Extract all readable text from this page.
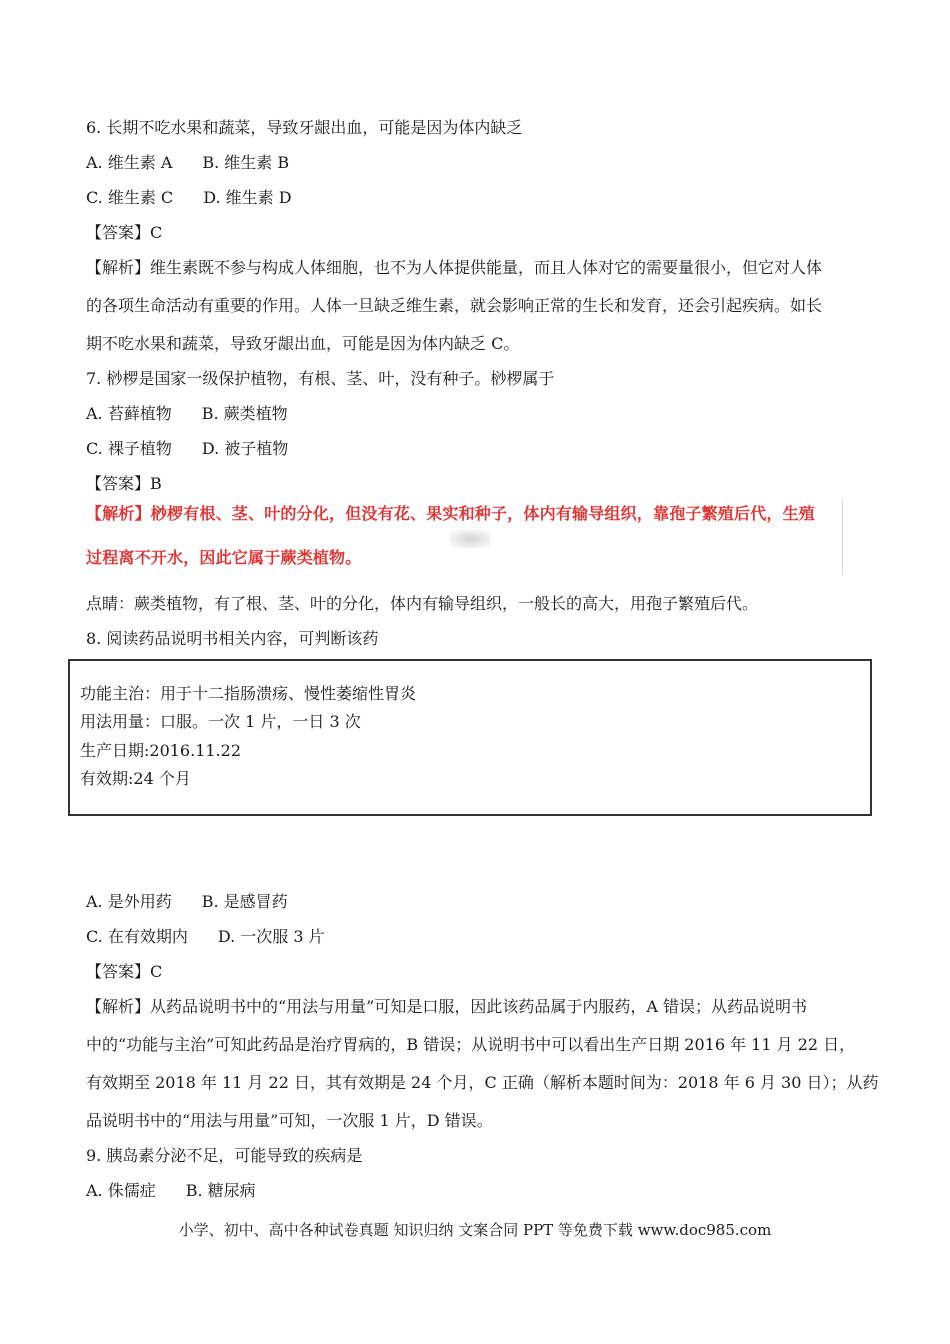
6. 长期不吃水果和蔬菜，导致牙龈出血，可能是因为体内缺乏
A. 维生素 A B. 维生素 B
C. 维生素 C D. 维生素 D
【答案】C
【解析】维生素既不参与构成人体细胞，也不为人体提供能量，而且人体对它的需要量很小，但它对人体
的各项生命活动有重要的作用。人体一旦缺乏维生素，就会影响正常的生长和发育，还会引起疾病。如长
期不吃水果和蔬菜，导致牙龈出血，可能是因为体内缺乏 C。
7. 桫椤是国家一级保护植物，有根、茎、叶，没有种子。桫椤属于
A. 苔藓植物 B. 蕨类植物
C. 裸子植物 D. 被子植物
【答案】B
【解析】桫椤有根、茎、叶的分化，但没有花、果实和种子，体内有输导组织，靠孢子繁殖后代，生殖
过程离不开水，因此它属于蕨类植物。
点睛：蕨类植物，有了根、茎、叶的分化，体内有输导组织，一般长的高大，用孢子繁殖后代。
8. 阅读药品说明书相关内容，可判断该药
功能主治：用于十二指肠溃疡、慢性萎缩性胃炎
用法用量：口服。一次 1 片，一日 3 次
生产日期:2016.11.22
有效期:24 个月
A. 是外用药 B. 是感冒药
C. 在有效期内 D. 一次服 3 片
【答案】C
【解析】从药品说明书中的“用法与用量”可知是口服，因此该药品属于内服药，A 错误；从药品说明书
中的“功能与主治”可知此药品是治疗胃病的，B 错误；从说明书中可以看出生产日期 2016 年 11 月 22 日，
有效期至 2018 年 11 月 22 日，其有效期是 24 个月，C 正确（解析本题时间为：2018 年 6 月 30 日）；从药
品说明书中的“用法与用量”可知，一次服 1 片，D 错误。
9. 胰岛素分泌不足，可能导致的疾病是
A. 侏儒症 B. 糖尿病
小学、初中、高中各种试卷真题 知识归纳 文案合同 PPT 等免费下载 www.doc985.com
